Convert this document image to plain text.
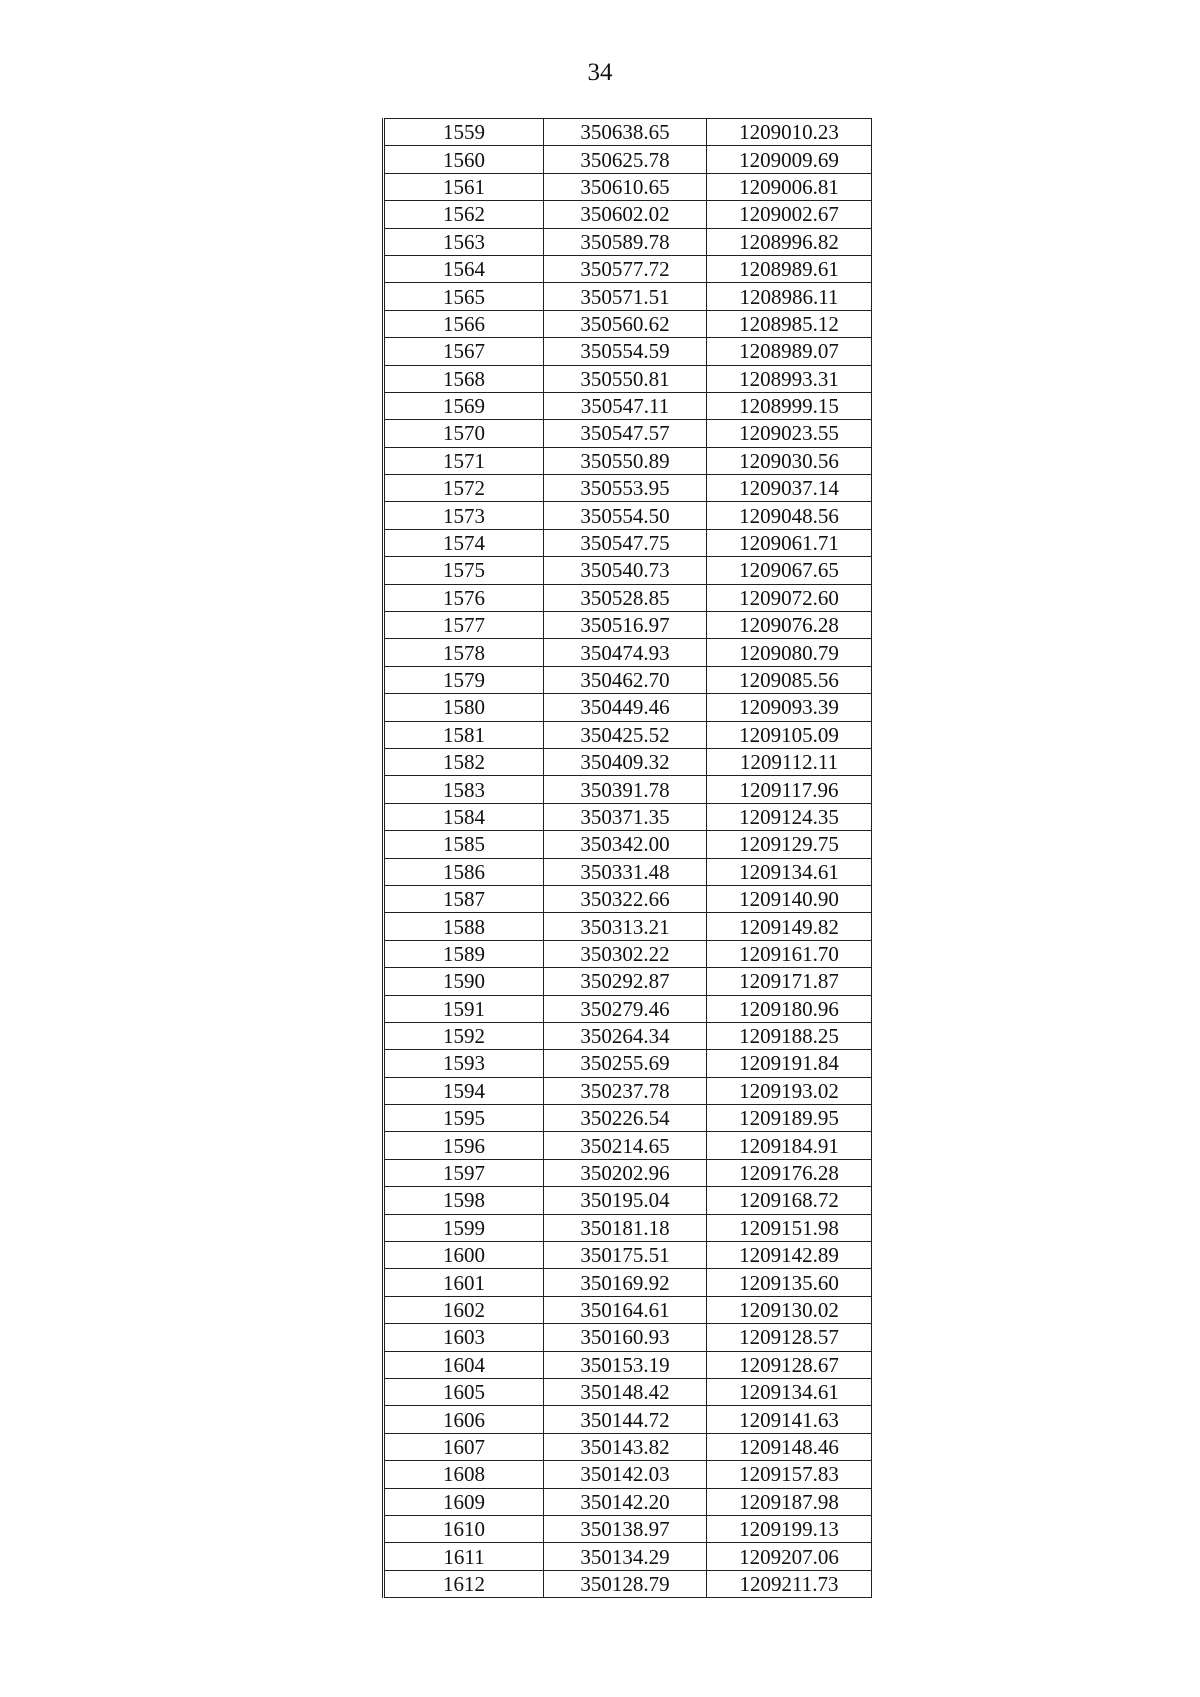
34
1559	350638.65	1209010.23
1560	350625.78	1209009.69
1561	350610.65	1209006.81
1562	350602.02	1209002.67
1563	350589.78	1208996.82
1564	350577.72	1208989.61
1565	350571.51	1208986.11
1566	350560.62	1208985.12
1567	350554.59	1208989.07
1568	350550.81	1208993.31
1569	350547.11	1208999.15
1570	350547.57	1209023.55
1571	350550.89	1209030.56
1572	350553.95	1209037.14
1573	350554.50	1209048.56
1574	350547.75	1209061.71
1575	350540.73	1209067.65
1576	350528.85	1209072.60
1577	350516.97	1209076.28
1578	350474.93	1209080.79
1579	350462.70	1209085.56
1580	350449.46	1209093.39
1581	350425.52	1209105.09
1582	350409.32	1209112.11
1583	350391.78	1209117.96
1584	350371.35	1209124.35
1585	350342.00	1209129.75
1586	350331.48	1209134.61
1587	350322.66	1209140.90
1588	350313.21	1209149.82
1589	350302.22	1209161.70
1590	350292.87	1209171.87
1591	350279.46	1209180.96
1592	350264.34	1209188.25
1593	350255.69	1209191.84
1594	350237.78	1209193.02
1595	350226.54	1209189.95
1596	350214.65	1209184.91
1597	350202.96	1209176.28
1598	350195.04	1209168.72
1599	350181.18	1209151.98
1600	350175.51	1209142.89
1601	350169.92	1209135.60
1602	350164.61	1209130.02
1603	350160.93	1209128.57
1604	350153.19	1209128.67
1605	350148.42	1209134.61
1606	350144.72	1209141.63
1607	350143.82	1209148.46
1608	350142.03	1209157.83
1609	350142.20	1209187.98
1610	350138.97	1209199.13
1611	350134.29	1209207.06
1612	350128.79	1209211.73
